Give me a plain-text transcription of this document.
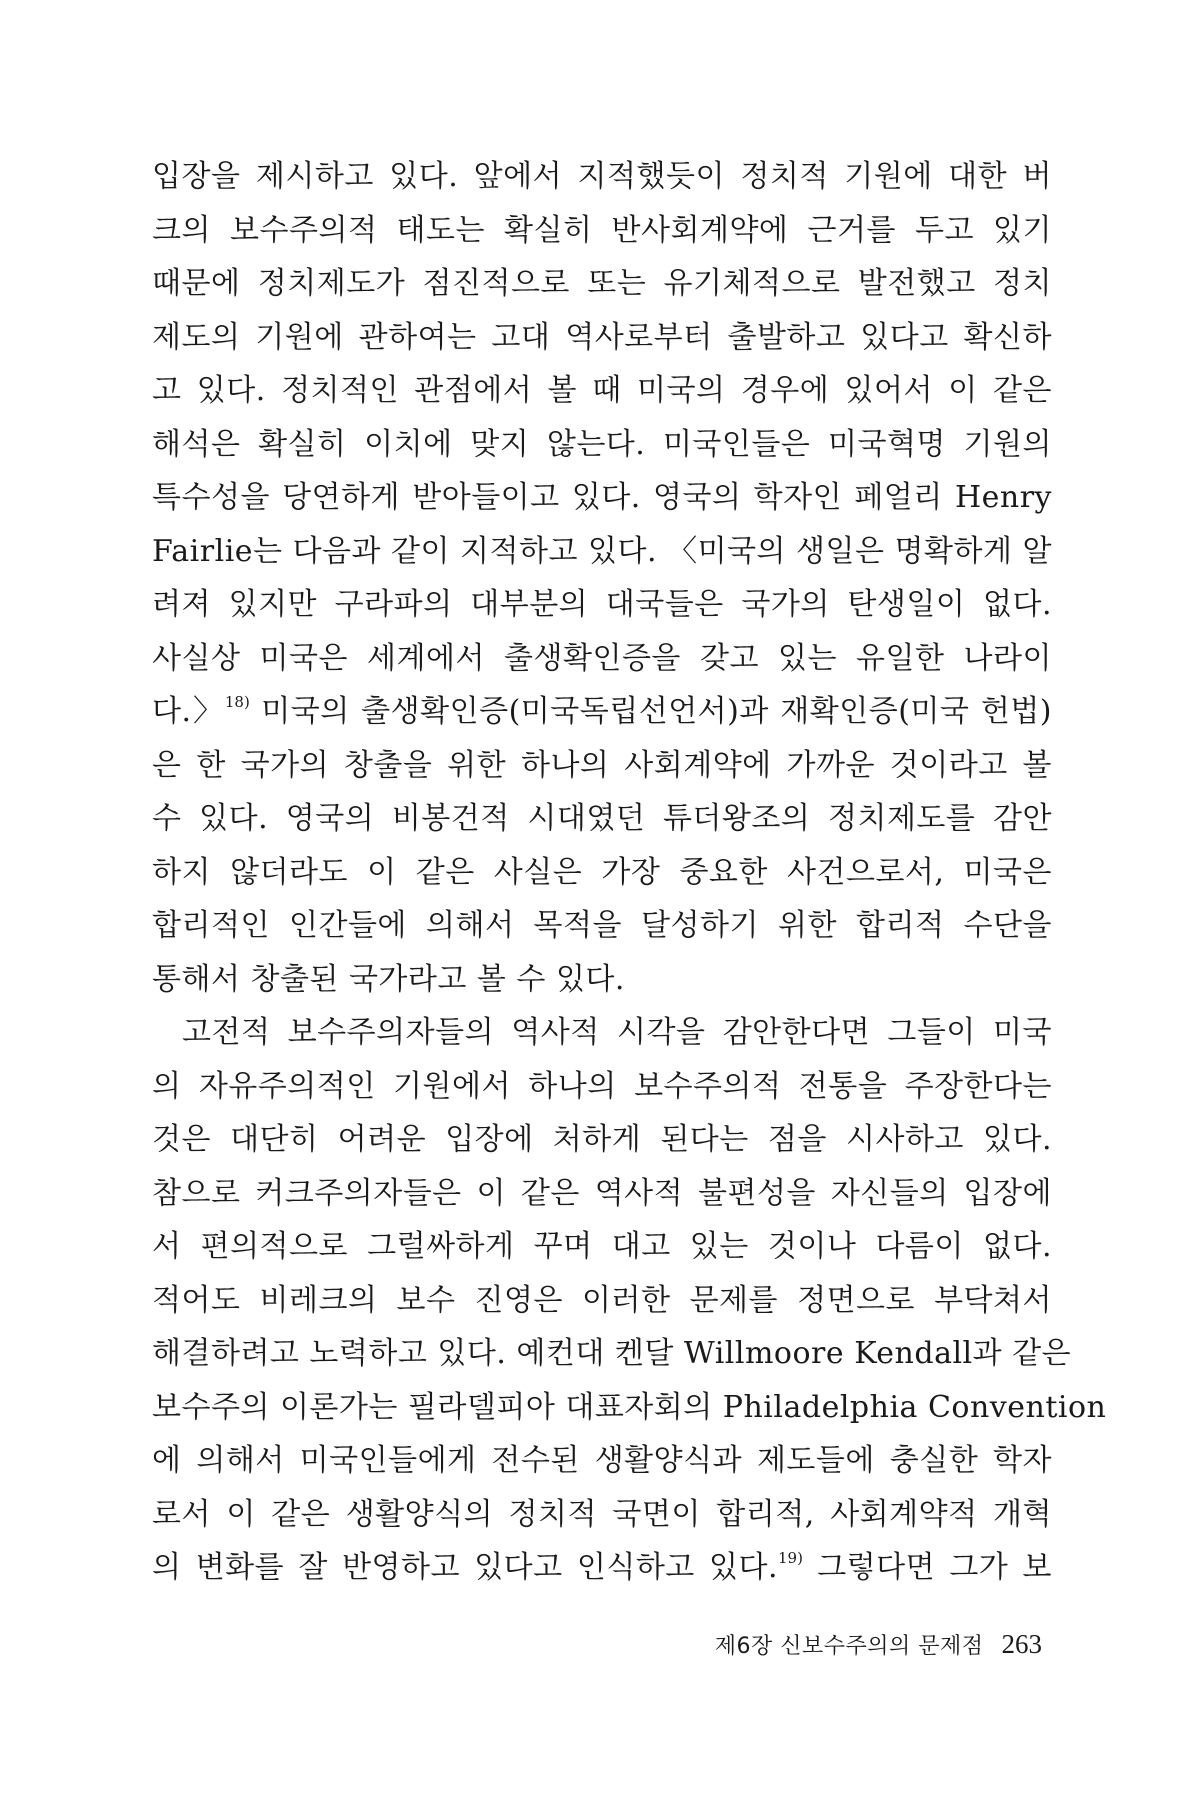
입장을 제시하고 있다. 앞에서 지적했듯이 정치적 기원에 대한 버
크의 보수주의적 태도는 확실히 반사회계약에 근거를 두고 있기
때문에 정치제도가 점진적으로 또는 유기체적으로 발전했고 정치
제도의 기원에 관하여는 고대 역사로부터 출발하고 있다고 확신하
고 있다. 정치적인 관점에서 볼 때 미국의 경우에 있어서 이 같은
해석은 확실히 이치에 맞지 않는다. 미국인들은 미국혁명 기원의
특수성을 당연하게 받아들이고 있다. 영국의 학자인 페얼리 Henry
Fairlie는 다음과 같이 지적하고 있다. 〈미국의 생일은 명확하게 알
려져 있지만 구라파의 대부분의 대국들은 국가의 탄생일이 없다.
사실상 미국은 세계에서 출생확인증을 갖고 있는 유일한 나라이
다.〉$^{18)}$ 미국의 출생확인증(미국독립선언서)과 재확인증(미국 헌법)
은 한 국가의 창출을 위한 하나의 사회계약에 가까운 것이라고 볼
수 있다. 영국의 비봉건적 시대였던 튜더왕조의 정치제도를 감안
하지 않더라도 이 같은 사실은 가장 중요한 사건으로서, 미국은
합리적인 인간들에 의해서 목적을 달성하기 위한 합리적 수단을
통해서 창출된 국가라고 볼 수 있다.
고전적 보수주의자들의 역사적 시각을 감안한다면 그들이 미국
의 자유주의적인 기원에서 하나의 보수주의적 전통을 주장한다는
것은 대단히 어려운 입장에 처하게 된다는 점을 시사하고 있다.
참으로 커크주의자들은 이 같은 역사적 불편성을 자신들의 입장에
서 편의적으로 그럴싸하게 꾸며 대고 있는 것이나 다름이 없다.
적어도 비레크의 보수 진영은 이러한 문제를 정면으로 부닥쳐서
해결하려고 노력하고 있다. 예컨대 켄달 Willmoore Kendall과 같은
보수주의 이론가는 필라델피아 대표자회의 Philadelphia Convention
에 의해서 미국인들에게 전수된 생활양식과 제도들에 충실한 학자
로서 이 같은 생활양식의 정치적 국면이 합리적, 사회계약적 개혁
의 변화를 잘 반영하고 있다고 인식하고 있다.$^{19)}$ 그렇다면 그가 보
제6장 신보수주의의 문제점 263
